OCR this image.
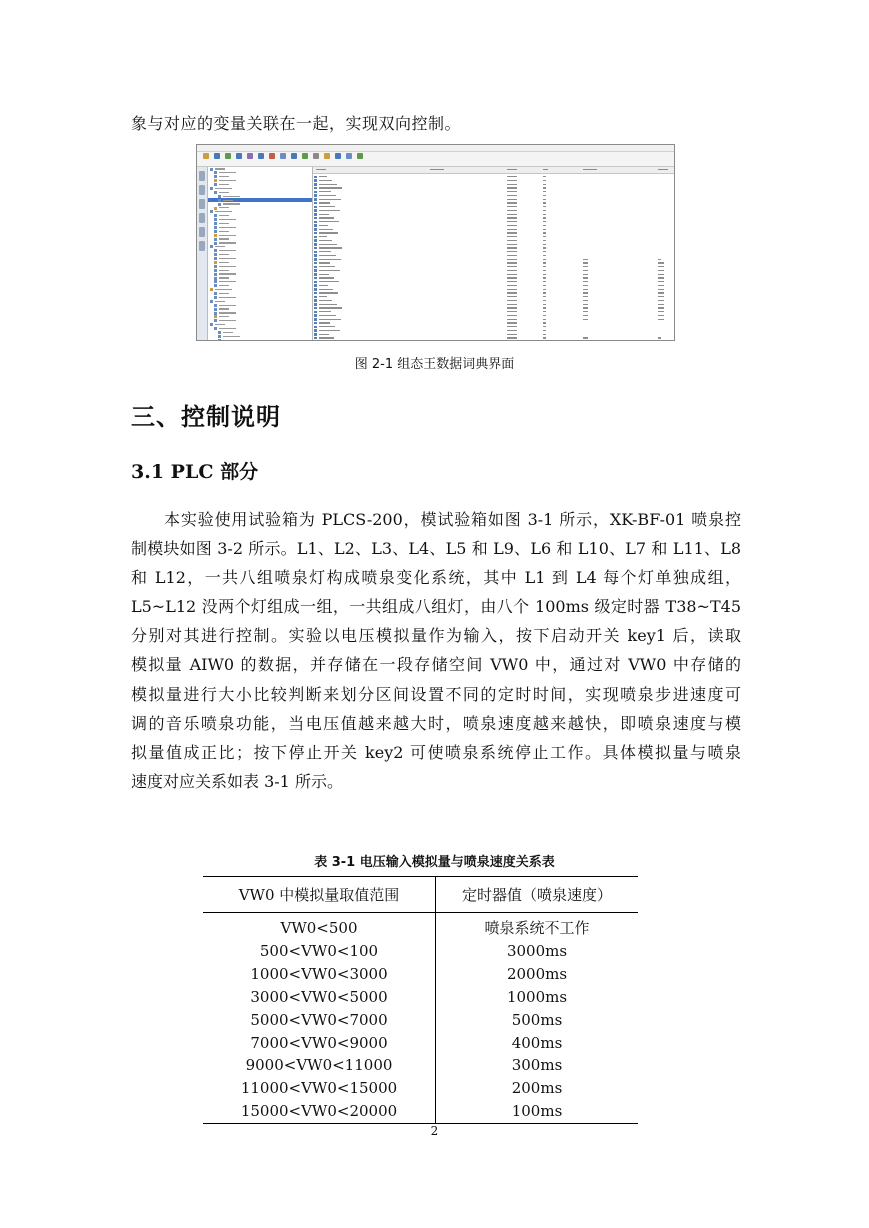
象与对应的变量关联在一起，实现双向控制。
图 2-1 组态王数据词典界面
三、控制说明
3.1 PLC 部分

本实验使用试验箱为 PLCS-200，模试验箱如图 3-1 所示，XK-BF-01 喷泉控

制模块如图 3-2 所示。L1、L2、L3、L4、L5 和 L9、L6 和 L10、L7 和 L11、L8

和 L12，一共八组喷泉灯构成喷泉变化系统，其中 L1 到 L4 每个灯单独成组，

L5~L12 没两个灯组成一组，一共组成八组灯，由八个 100ms 级定时器 T38~T45

分别对其进行控制。实验以电压模拟量作为输入，按下启动开关 key1 后，读取

模拟量 AIW0 的数据，并存储在一段存储空间 VW0 中，通过对 VW0 中存储的

模拟量进行大小比较判断来划分区间设置不同的定时时间，实现喷泉步进速度可

调的音乐喷泉功能，当电压值越来越大时，喷泉速度越来越快，即喷泉速度与模

拟量值成正比；按下停止开关 key2 可使喷泉系统停止工作。具体模拟量与喷泉

速度对应关系如表 3-1 所示。

表 3-1 电压输入模拟量与喷泉速度关系表
VW0 中模拟量取值范围	定时器值（喷泉速度）
VW0<500	喷泉系统不工作
500<VW0<100	3000ms
1000<VW0<3000	2000ms
3000<VW0<5000	1000ms
5000<VW0<7000	500ms
7000<VW0<9000	400ms
9000<VW0<11000	300ms
11000<VW0<15000	200ms
15000<VW0<20000	100ms
2
